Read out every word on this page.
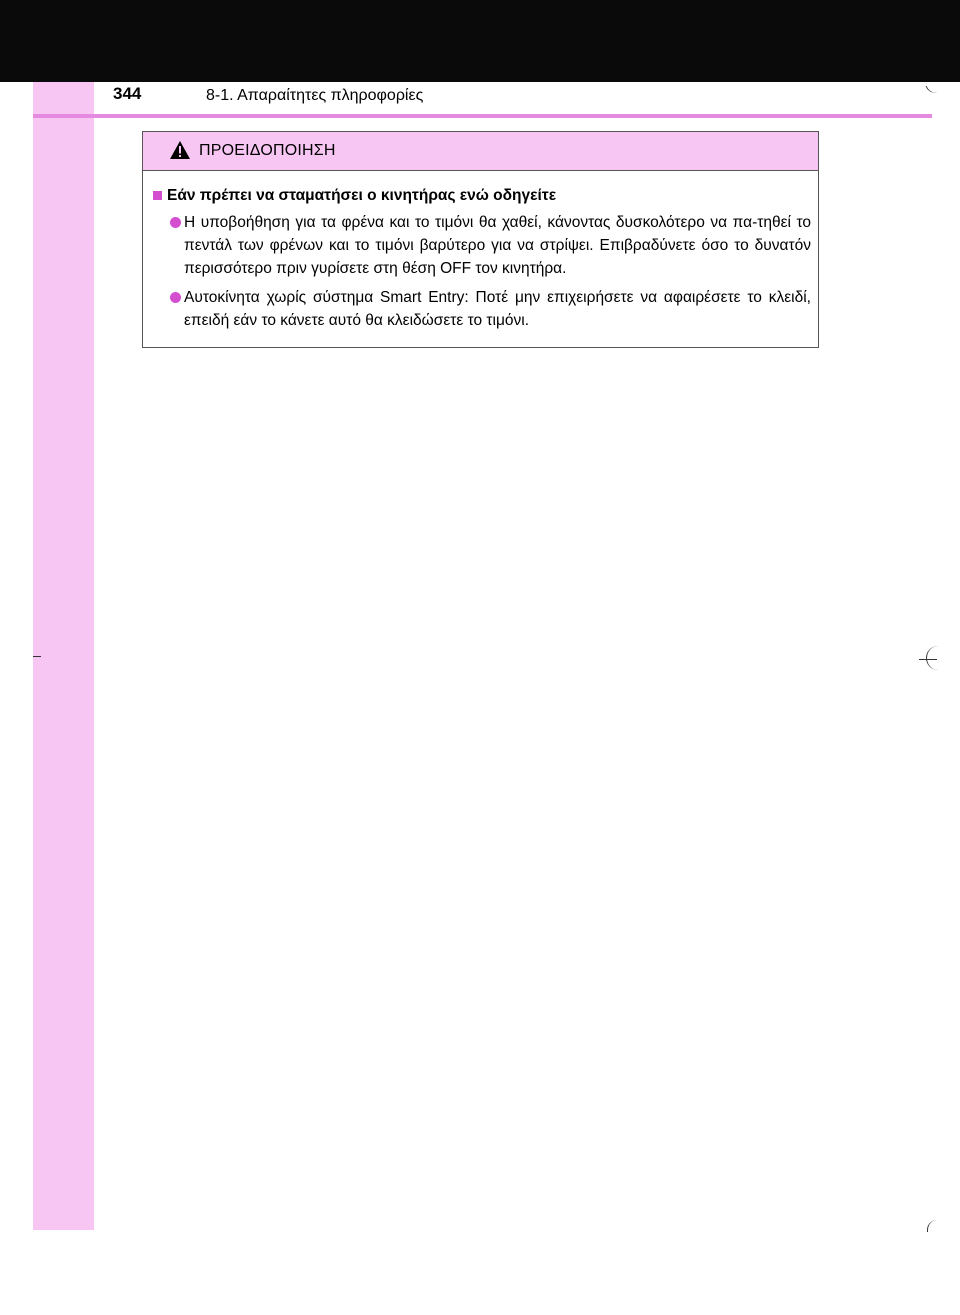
344	8-1. Απαραίτητες πληροφορίες
ΠΡΟΕΙΔΟΠΟΙΗΣΗ
Εάν πρέπει να σταματήσει ο κινητήρας ενώ οδηγείτε
Η υποβοήθηση για τα φρένα και το τιμόνι θα χαθεί, κάνοντας δυσκολότερο να πα-τηθεί το πεντάλ των φρένων και το τιμόνι βαρύτερο για να στρίψει. Επιβραδύνετε όσο το δυνατόν περισσότερο πριν γυρίσετε στη θέση OFF τον κινητήρα.
Αυτοκίνητα χωρίς σύστημα Smart Entry: Ποτέ μην επιχειρήσετε να αφαιρέσετε το κλειδί, επειδή εάν το κάνετε αυτό θα κλειδώσετε το τιμόνι.
